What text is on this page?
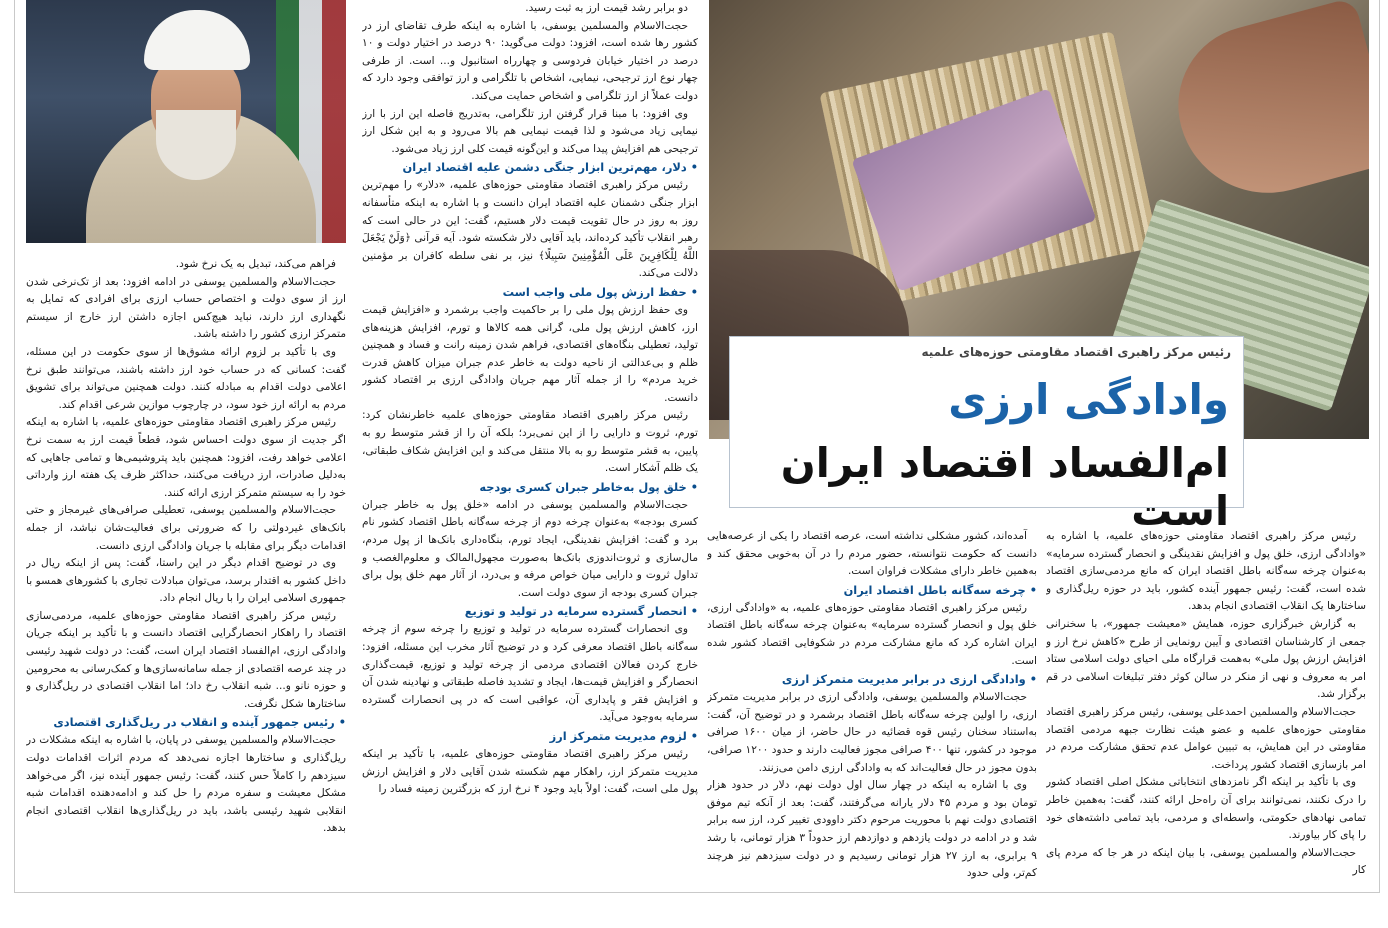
رئیس مرکز راهبری اقتصاد مقاومتی حوزه‌های علمیه
وادادگی ارزی
ام‌الفساد اقتصاد ایران است

رئیس مرکز راهبری اقتصاد مقاومتی حوزه‌های علمیه، با اشاره به «وادادگی ارزی، خلق پول و افزایش نقدینگی و انحصار گسترده سرمایه» به‌عنوان چرخه سه‌گانه باطل اقتصاد ایران که مانع مردمی‌سازی اقتصاد شده است، گفت: رئیس جمهور آینده کشور، باید در حوزه ریل‌گذاری و ساختارها یک انقلاب اقتصادی انجام بدهد.

به گزارش خبرگزاری حوزه، همایش «معیشت جمهور»، با سخنرانی جمعی از کارشناسان اقتصادی و آیین رونمایی از طرح «کاهش نرخ ارز و افزایش ارزش پول ملی» به‌همت قرارگاه ملی احیای دولت اسلامی ستاد امر به معروف و نهی از منکر در سالن کوثر دفتر تبلیغات اسلامی در قم برگزار شد.

حجت‌الاسلام والمسلمین احمدعلی یوسفی، رئیس مرکز راهبری اقتصاد مقاومتی حوزه‌های علمیه و عضو هیئت نظارت جبهه مردمی اقتصاد مقاومتی در این همایش، به تبیین عوامل عدم تحقق مشارکت مردم در امر بازسازی اقتصاد کشور پرداخت.

وی با تأکید بر اینکه اگر نامزدهای انتخاباتی مشکل اصلی اقتصاد کشور را درک نکنند، نمی‌توانند برای آن راه‌حل ارائه کنند، گفت: به‌همین خاطر تمامی نهادهای حکومتی، واسطه‌ای و مردمی، باید تمامی داشته‌های خود را پای کار بیاورند.

حجت‌الاسلام والمسلمین یوسفی، با بیان اینکه در هر جا که مردم پای کار

آمده‌اند، کشور مشکلی نداشته است، عرصه اقتصاد را یکی از عرصه‌هایی دانست که حکومت نتوانسته، حضور مردم را در آن به‌خوبی محقق کند و به‌همین خاطر دارای مشکلات فراوان است.

• چرخه سه‌گانه باطل اقتصاد ایران

رئیس مرکز راهبری اقتصاد مقاومتی حوزه‌های علمیه، به «وادادگی ارزی، خلق پول و انحصار گسترده سرمایه» به‌عنوان چرخه سه‌گانه باطل اقتصاد ایران اشاره کرد که مانع مشارکت مردم در شکوفایی اقتصاد کشور شده است.

• وادادگی ارزی در برابر مدیریت متمرکز ارزی

حجت‌الاسلام والمسلمین یوسفی، وادادگی ارزی در برابر مدیریت متمرکز ارزی، را اولین چرخه سه‌گانه باطل اقتصاد برشمرد و در توضیح آن، گفت: به‌استناد سخنان رئیس قوه قضائیه در حال حاضر، از میان ۱۶۰۰ صرافی موجود در کشور، تنها ۴۰۰ صرافی مجوز فعالیت دارند و حدود ۱۲۰۰ صرافی، بدون مجوز در حال فعالیت‌اند که به وادادگی ارزی دامن می‌زنند.

وی با اشاره به اینکه در چهار سال اول دولت نهم، دلار در حدود هزار تومان بود و مردم ۴۵ دلار یارانه می‌گرفتند، گفت: بعد از آنکه تیم موفق اقتصادی دولت نهم با محوریت مرحوم دکتر داوودی تغییر کرد، ارز سه برابر شد و در ادامه در دولت یازدهم و دوازدهم ارز حدوداً ۳ هزار تومانی، با رشد ۹ برابری، به ارز ۲۷ هزار تومانی رسیدیم و در دولت سیزدهم نیز هرچند کم‌تر، ولی حدود

دو برابر رشد قیمت ارز به ثبت رسید.

حجت‌الاسلام والمسلمین یوسفی، با اشاره به اینکه طرف تقاضای ارز در کشور رها شده است، افزود: دولت می‌گوید: ۹۰ درصد در اختیار دولت و ۱۰ درصد در اختیار خیابان فردوسی و چهارراه استانبول و... است. از طرفی چهار نوع ارز ترجیحی، نیمایی، اشخاص با تلگرامی و ارز توافقی وجود دارد که دولت عملاً از ارز تلگرامی و اشخاص حمایت می‌کند.

وی افزود: با مبنا قرار گرفتن ارز تلگرامی، به‌تدریج فاصله این ارز با ارز نیمایی زیاد می‌شود و لذا قیمت نیمایی هم بالا می‌رود و به این شکل ارز ترجیحی هم افزایش پیدا می‌کند و این‌گونه قیمت کلی ارز زیاد می‌شود.

• دلار، مهم‌ترین ابزار جنگی دشمن علیه اقتصاد ایران

رئیس مرکز راهبری اقتصاد مقاومتی حوزه‌های علمیه، «دلار» را مهم‌ترین ابزار جنگی دشمنان علیه اقتصاد ایران دانست و با اشاره به اینکه متأسفانه روز به روز در حال تقویت قیمت دلار هستیم، گفت: این در حالی است که رهبر انقلاب تأکید کرده‌اند، باید آقایی دلار شکسته شود. آیه قرآنی ﴿وَلَنْ يَجْعَلَ اللَّهُ لِلْكَافِرِينَ عَلَى الْمُؤْمِنِينَ سَبِيلًا﴾ نیز، بر نفی سلطه کافران بر مؤمنین دلالت می‌کند.

• حفظ ارزش پول ملی واجب است

وی حفظ ارزش پول ملی را بر حاکمیت واجب برشمرد و «افزایش قیمت ارز، کاهش ارزش پول ملی، گرانی همه کالاها و تورم، افزایش هزینه‌های تولید، تعطیلی بنگاه‌های اقتصادی، فراهم شدن زمینه رانت و فساد و همچنین ظلم و بی‌عدالتی از ناحیه دولت به خاطر عدم جبران میزان کاهش قدرت خرید مردم» را از جمله آثار مهم جریان وادادگی ارزی بر اقتصاد کشور دانست.

رئیس مرکز راهبری اقتصاد مقاومتی حوزه‌های علمیه خاطرنشان کرد: تورم، ثروت و دارایی را از این نمی‌برد؛ بلکه آن را از قشر متوسط رو به پایین، به قشر متوسط رو به بالا منتقل می‌کند و این افزایش شکاف طبقاتی، یک ظلم آشکار است.

• خلق پول به‌خاطر جبران کسری بودجه

حجت‌الاسلام والمسلمین یوسفی در ادامه «خلق پول به خاطر جبران کسری بودجه» به‌عنوان چرخه دوم از چرخه سه‌گانه باطل اقتصاد کشور نام برد و گفت: افزایش نقدینگی، ایجاد تورم، بنگاه‌داری بانک‌ها از پول مردم، مال‌سازی و ثروت‌اندوزی بانک‌ها به‌صورت مجهول‌المالک و معلوم‌الغصب و تداول ثروت و دارایی میان خواص مرفه و بی‌درد، از آثار مهم خلق پول برای جبران کسری بودجه از سوی دولت است.

• انحصار گسترده سرمایه در تولید و توزیع

وی انحصارات گسترده سرمایه در تولید و توزیع را چرخه سوم از چرخه سه‌گانه باطل اقتصاد معرفی کرد و در توضیح آثار مخرب این مسئله، افزود: خارج کردن فعالان اقتصادی مردمی از چرخه تولید و توزیع، قیمت‌گذاری انحصارگر و افزایش قیمت‌ها، ایجاد و تشدید فاصله طبقاتی و نهادینه شدن آن و افزایش فقر و پایداری آن، عواقبی است که در پی انحصارات گسترده سرمایه به‌وجود می‌آید.

• لزوم مدیریت متمرکز ارز

رئیس مرکز راهبری اقتصاد مقاومتی حوزه‌های علمیه، با تأکید بر اینکه مدیریت متمرکز ارز، راهکار مهم شکسته شدن آقایی دلار و افزایش ارزش پول ملی است، گفت: اولاً باید وجود ۴ نرخ ارز که بزرگترین زمینه فساد را

فراهم می‌کند، تبدیل به یک نرخ شود.

حجت‌الاسلام والمسلمین یوسفی در ادامه افزود: بعد از تک‌نرخی شدن ارز از سوی دولت و اختصاص حساب ارزی برای افرادی که تمایل به نگهداری ارز دارند، نباید هیچ‌کس اجازه داشتن ارز خارج از سیستم متمرکز ارزی کشور را داشته باشد.

وی با تأکید بر لزوم ارائه مشوق‌ها از سوی حکومت در این مسئله، گفت: کسانی که در حساب خود ارز داشته باشند، می‌توانند طبق نرخ اعلامی دولت اقدام به مبادله کنند. دولت همچنین می‌تواند برای تشویق مردم به ارائه ارز خود سود، در چارچوب موازین شرعی اقدام کند.

رئیس مرکز راهبری اقتصاد مقاومتی حوزه‌های علمیه، با اشاره به اینکه اگر جدیت از سوی دولت احساس شود، قطعاً قیمت ارز به سمت نرخ اعلامی خواهد رفت، افزود: همچنین باید پتروشیمی‌ها و تمامی جاهایی که به‌دلیل صادرات، ارز دریافت می‌کنند، حداکثر ظرف یک هفته ارز وارداتی خود را به سیستم متمرکز ارزی ارائه کنند.

حجت‌الاسلام والمسلمین یوسفی، تعطیلی صرافی‌های غیرمجاز و حتی بانک‌های غیردولتی را که ضرورتی برای فعالیت‌شان نباشد، از جمله اقدامات دیگر برای مقابله با جریان وادادگی ارزی دانست.

وی در توضیح اقدام دیگر در این راستا، گفت: پس از اینکه ریال در داخل کشور به اقتدار برسد، می‌توان مبادلات تجاری با کشورهای همسو با جمهوری اسلامی ایران را با ریال انجام داد.

رئیس مرکز راهبری اقتصاد مقاومتی حوزه‌های علمیه، مردمی‌سازی اقتصاد را راهکار انحصارگرایی اقتصاد دانست و با تأکید بر اینکه جریان وادادگی ارزی، ام‌الفساد اقتصاد ایران است، گفت: در دولت شهید رئیسی در چند عرصه اقتصادی از جمله سامانه‌سازی‌ها و کمک‌رسانی به محرومین و حوزه نانو و... شبه انقلاب رخ داد؛ اما انقلاب اقتصادی در ریل‌گذاری و ساختارها شکل نگرفت.

• رئیس جمهور آینده و انقلاب در ریل‌گذاری اقتصادی

حجت‌الاسلام والمسلمین یوسفی در پایان، با اشاره به اینکه مشکلات در ریل‌گذاری و ساختارها اجازه نمی‌دهد که مردم اثرات اقدامات دولت سیزدهم را کاملاً حس کنند، گفت: رئیس جمهور آینده نیز، اگر می‌خواهد مشکل معیشت و سفره مردم را حل کند و ادامه‌دهنده اقدامات شبه انقلابی شهید رئیسی باشد، باید در ریل‌گذاری‌ها انقلاب اقتصادی انجام بدهد.
